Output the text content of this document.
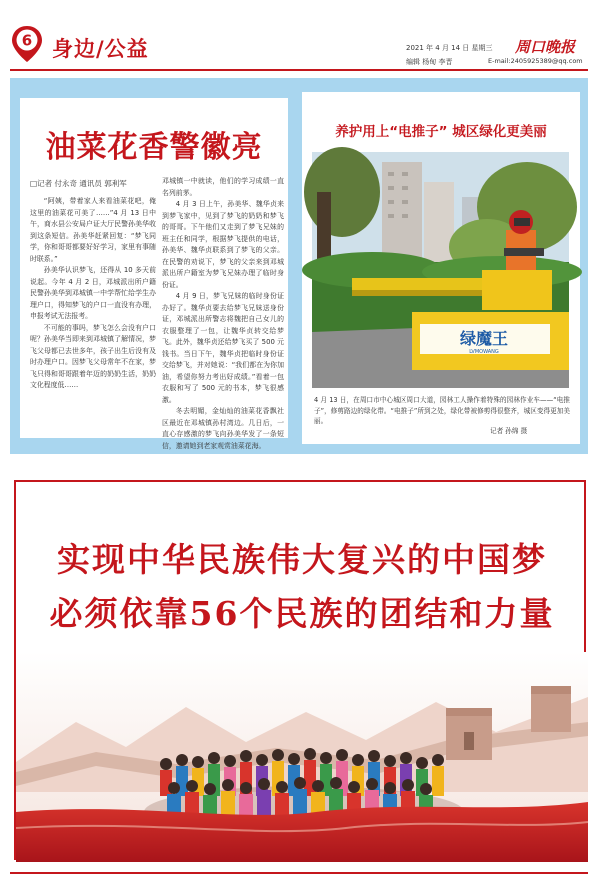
6 身边/公益	2021 年 4 月 14 日 星期三
编辑 杨甸 李晋
周口晚报
E-mail:2405925389@qq.com
油菜花香警徽亮
□记者 付永奇 通讯员 郭利军

“阿姨，带着家人来看油菜花吧，俺这里的油菜花可美了……”4 月 13 日中午，商水县公安局户证大厅民警孙美华收到这条短信。孙美华赶紧回复：“梦飞同学，你和哥哥都要好好学习，家里有事随时联系。”

孙美华认识梦飞，还得从 10 多天前说起。今年 4 月 2 日，邓城派出所户籍民警孙美华到邓城镇一中学帮忙给学生办理户口，得知梦飞的户口一直没有办理，申报考试无法报考。

不可能的事吗，梦飞怎么会没有户口呢？孙美华当即来到邓城镇了解情况，梦飞父母都已去世多年，孩子出生后没有及时办理户口。因梦飞父母常年不在家，梦飞只得和哥哥跟着年迈的奶奶生活，奶奶文化程度低……

邓城镇一中就读，他们的学习成绩一直名列前茅。

4 月 3 日上午，孙美华、魏华贞来到梦飞家中，见到了梦飞的奶奶和梦飞的哥哥。下午他们又走到了梦飞兄妹的班主任和同学，根据梦飞提供的电话，孙美华、魏华贞联系到了梦飞的父亲。在民警的劝说下，梦飞的父亲来到邓城派出所户籍室为梦飞兄妹办理了临时身份证。

4 月 9 日，梦飞兄妹的临时身份证办好了。魏华贞要去给梦飞兄妹送身份证，邓城派出所警志将魏把自己女儿的衣服整理了一包，让魏华贞转交给梦飞。此外，魏华贞还给梦飞买了 500 元钱书。当日下午，魏华贞把临时身份证交给梦飞，并对她说：“我们都在为你加油，希望你努力考出好成绩。”看着一包衣服和写了 500 元的书本，梦飞很感激。

冬去明媚，金灿灿的油菜花香飘社区最近在邓城镇孙村湾边。几日后，一直心存感激的梦飞向孙美华发了一条短信，邀请她到老家观赏油菜花海。

养护用上“电推子” 城区绿化更美丽
绿魔王
LVMOWANG
4 月 13 日，在周口市中心城区周口大道，园林工人操作着特殊的园林作业车——“电推子”，修剪路边的绿化带。“电推子”所到之处，绿化带被修剪得很整齐，城区变得更加美丽。
记者 孙绵 摄
实现中华民族伟大复兴的中国梦
必须依靠56个民族的团结和力量
